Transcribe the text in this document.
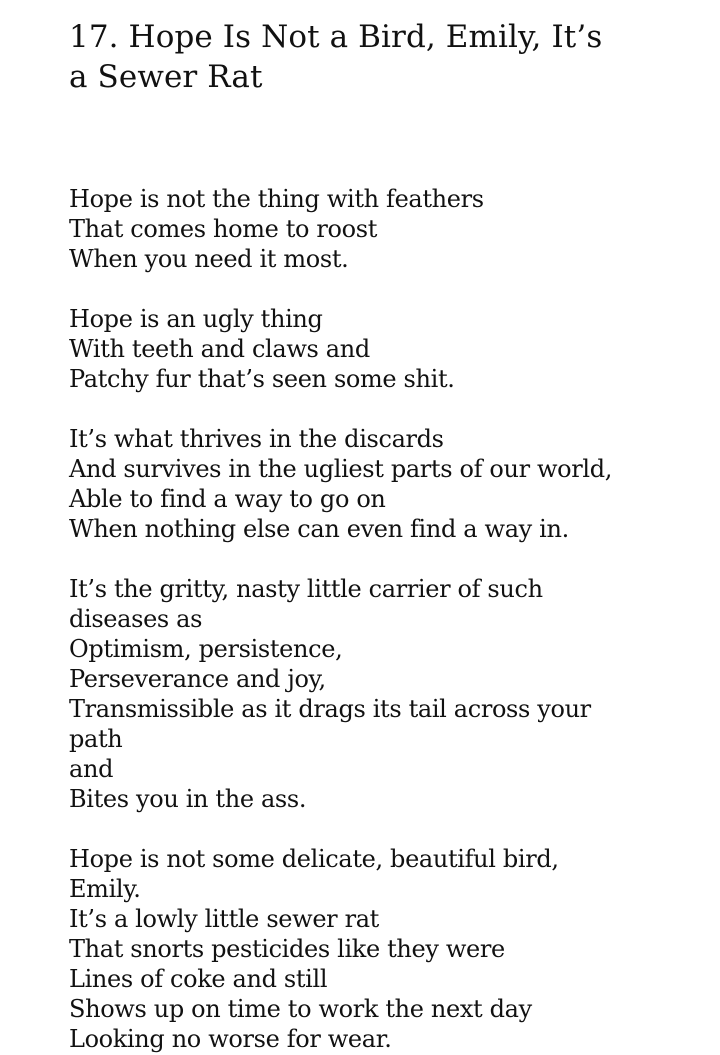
17. Hope Is Not a Bird, Emily, It’s
a Sewer Rat
Hope is not the thing with feathers
That comes home to roost
When you need it most.
Hope is an ugly thing
With teeth and claws and
Patchy fur that’s seen some shit.
It’s what thrives in the discards
And survives in the ugliest parts of our world,
Able to find a way to go on
When nothing else can even find a way in.
It’s the gritty, nasty little carrier of such
diseases as
Optimism, persistence,
Perseverance and joy,
Transmissible as it drags its tail across your
path
and
Bites you in the ass.
Hope is not some delicate, beautiful bird,
Emily.
It’s a lowly little sewer rat
That snorts pesticides like they were
Lines of coke and still
Shows up on time to work the next day
Looking no worse for wear.
